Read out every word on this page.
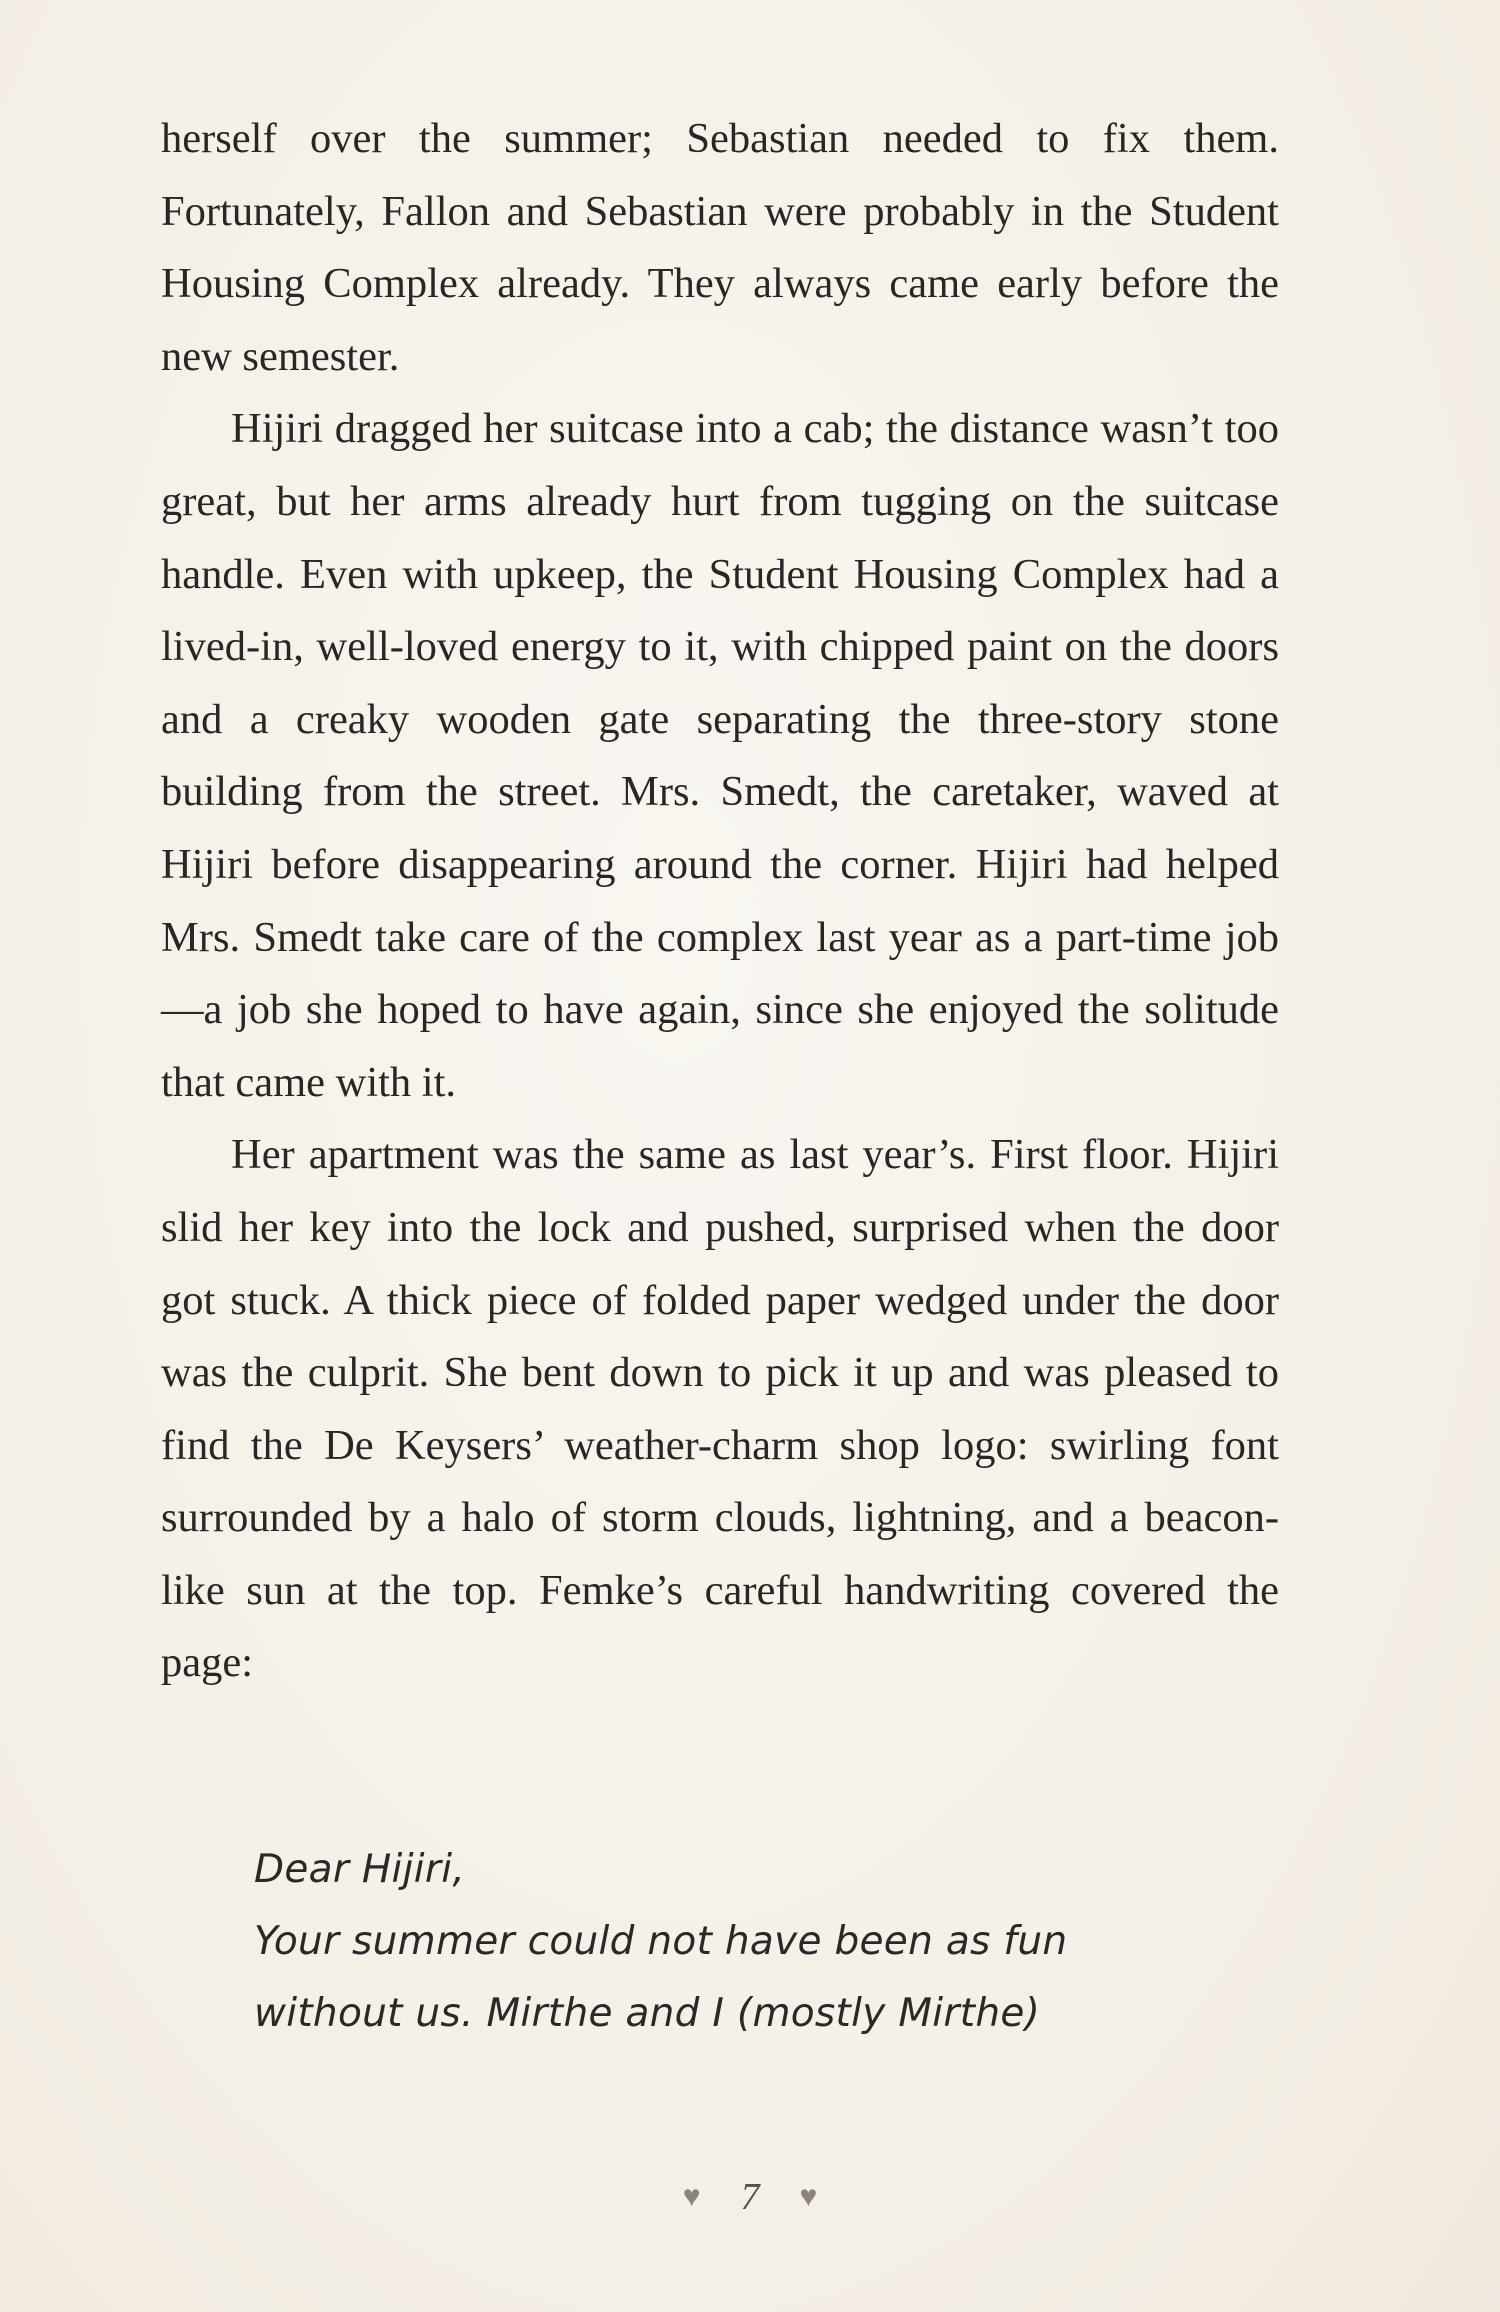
herself over the summer; Sebastian needed to fix them. Fortunately, Fallon and Sebastian were probably in the Student Housing Complex already. They always came early before the new semester.

Hijiri dragged her suitcase into a cab; the distance wasn’t too great, but her arms already hurt from tugging on the suitcase handle. Even with upkeep, the Student Housing Complex had a lived-in, well-loved energy to it, with chipped paint on the doors and a creaky wooden gate separating the three-story stone building from the street. Mrs. Smedt, the caretaker, waved at Hijiri before disappearing around the corner. Hijiri had helped Mrs. Smedt take care of the complex last year as a part-time job—a job she hoped to have again, since she enjoyed the solitude that came with it.

Her apartment was the same as last year’s. First floor. Hijiri slid her key into the lock and pushed, surprised when the door got stuck. A thick piece of folded paper wedged under the door was the culprit. She bent down to pick it up and was pleased to find the De Keysers’ weather-charm shop logo: swirling font surrounded by a halo of storm clouds, lightning, and a beacon-like sun at the top. Femke’s careful handwriting covered the page:

Dear Hijiri,
Your summer could not have been as fun
without us. Mirthe and I (mostly Mirthe)
♥ 7 ♥
